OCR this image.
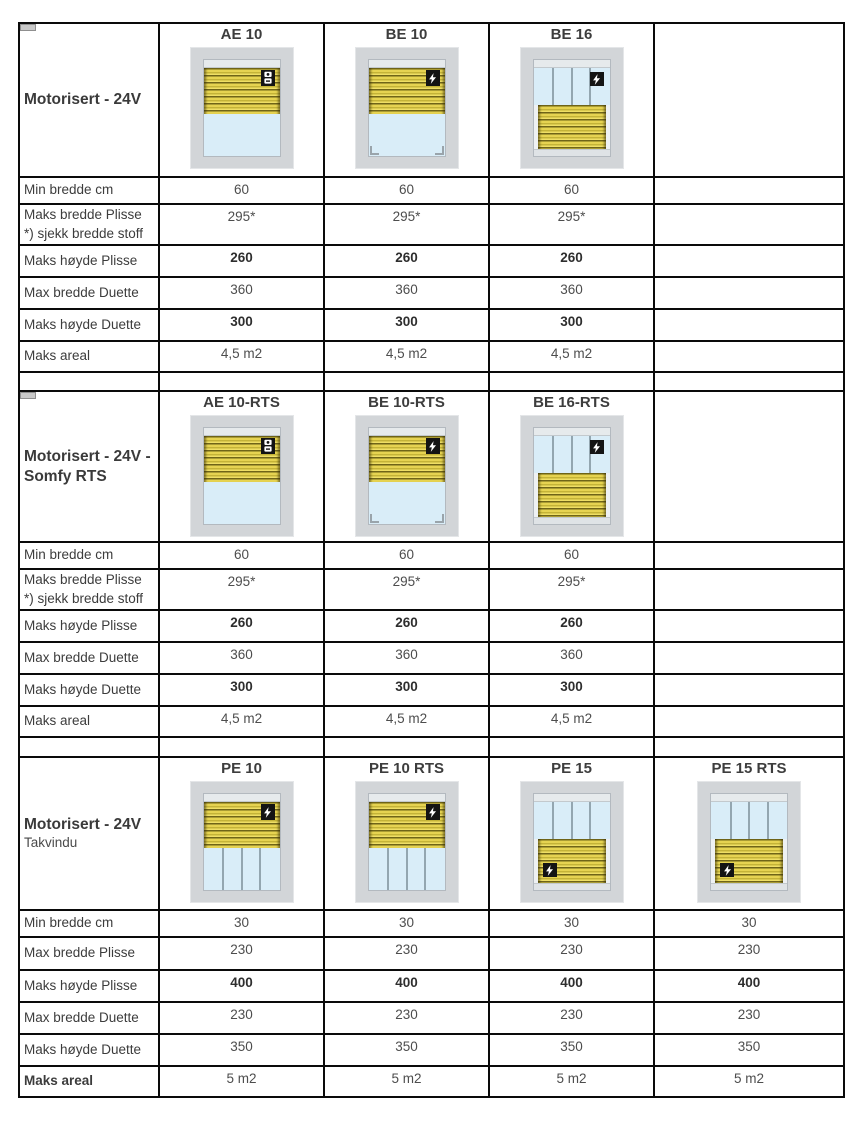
Motorisert - 24V
AE 10	BE 10	BE 16
Min bredde cm	60	60	60
Maks bredde Plisse
*) sjekk bredde stoff
295*	295*	295*
Maks høyde Plisse	260	260	260
Max bredde Duette	360	360	360
Maks høyde Duette	300	300	300
Maks areal	4,5 m2	4,5 m2	4,5 m2
Motorisert - 24V - Somfy RTS
AE 10-RTS	BE 10-RTS	BE 16-RTS
Min bredde cm	60	60	60
Maks bredde Plisse
*) sjekk bredde stoff
295*	295*	295*
Maks høyde Plisse	260	260	260
Max bredde Duette	360	360	360
Maks høyde Duette	300	300	300
Maks areal	4,5 m2	4,5 m2	4,5 m2
Motorisert - 24V
Takvindu
PE 10	PE 10 RTS	PE 15	PE 15 RTS
Min bredde cm	30	30	30	30
Max bredde Plisse	230	230	230	230
Maks høyde Plisse	400	400	400	400
Max bredde Duette	230	230	230	230
Maks høyde Duette	350	350	350	350
Maks areal	5 m2	5 m2	5 m2	5 m2
